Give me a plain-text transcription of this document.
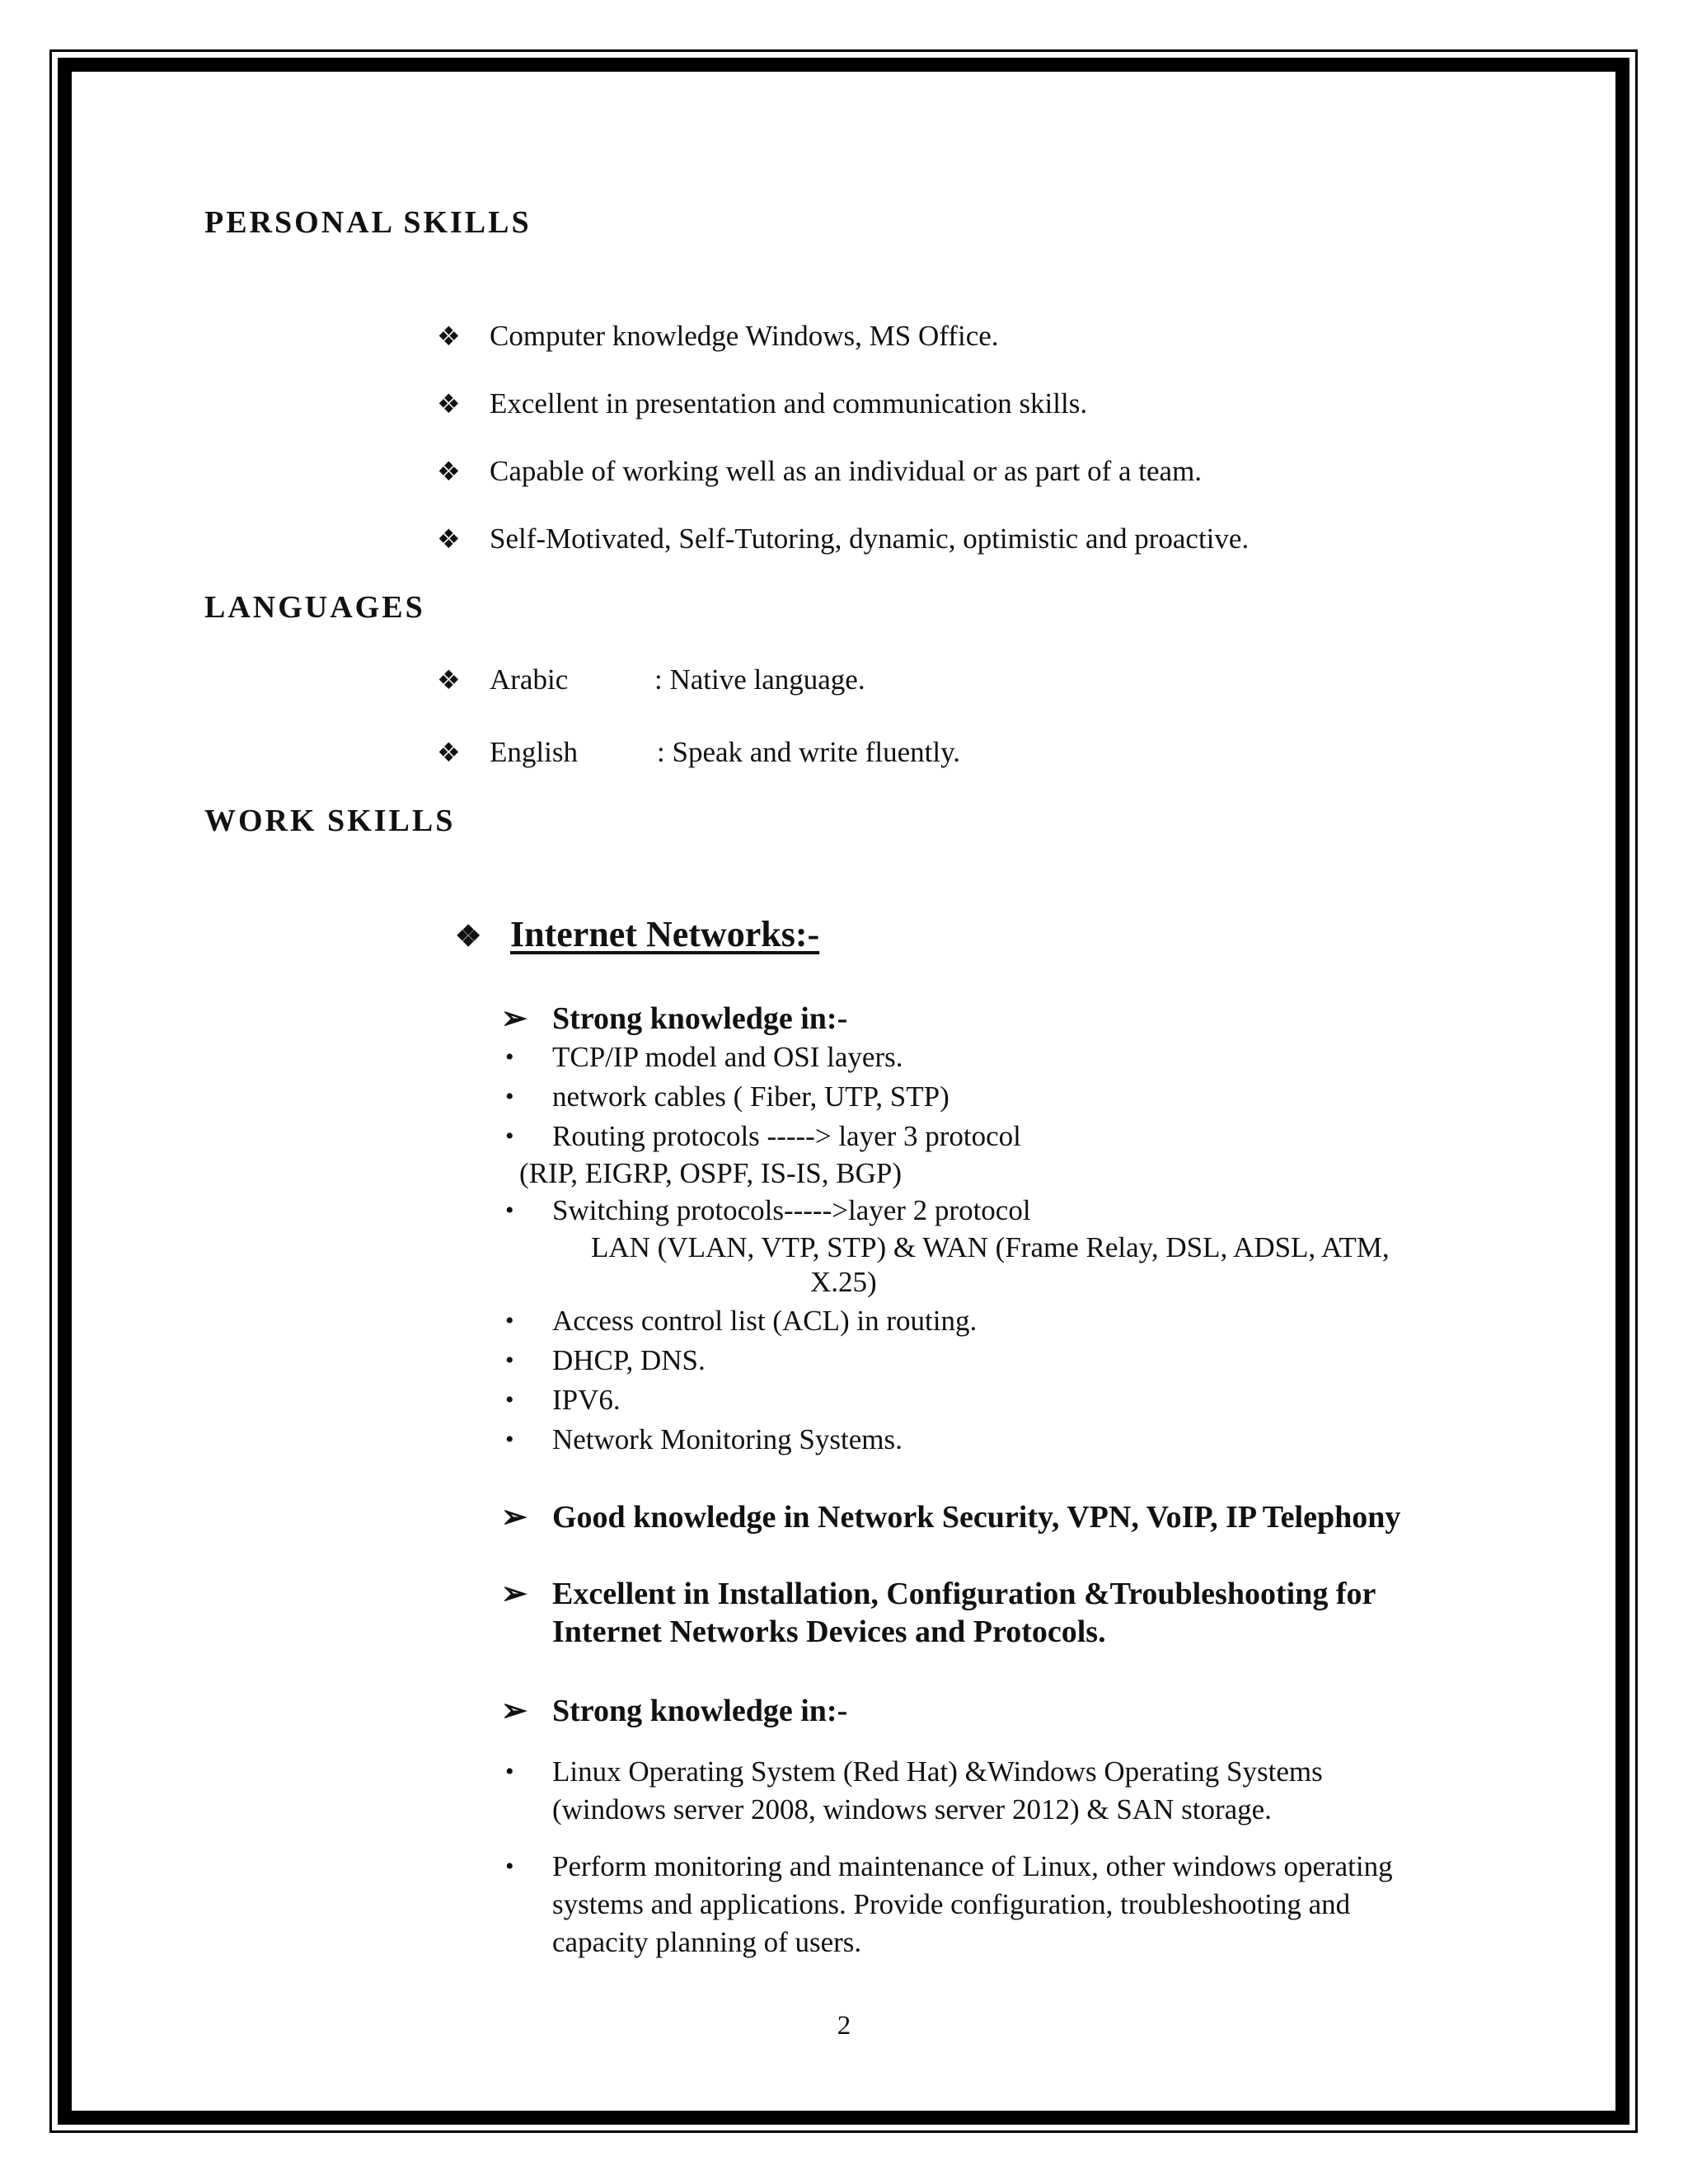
PERSONAL SKILLS
❖	Computer knowledge Windows, MS Office.
❖	Excellent in presentation and communication skills.
❖	Capable of working well as an individual or as part of a team.
❖	Self-Motivated, Self-Tutoring, dynamic, optimistic and proactive.
LANGUAGES
❖	Arabic	: Native language.
❖	English	: Speak and write fluently.
WORK SKILLS
❖ Internet Networks:-
➢ Strong knowledge in:-
•	TCP/IP model and OSI layers.
•	network cables ( Fiber, UTP, STP)
•	Routing protocols -----> layer 3 protocol
(RIP, EIGRP, OSPF, IS-IS, BGP)
•	Switching protocols----->layer 2 protocol
LAN (VLAN, VTP, STP) & WAN (Frame Relay, DSL, ADSL, ATM,
X.25)
•	Access control list (ACL) in routing.
•	DHCP, DNS.
•	IPV6.
•	Network Monitoring Systems.
➢ Good knowledge in Network Security, VPN, VoIP, IP Telephony
➢ Excellent in Installation, Configuration &Troubleshooting for
Internet Networks Devices and Protocols.
➢ Strong knowledge in:-
•	Linux Operating System (Red Hat) &Windows Operating Systems
(windows server 2008, windows server 2012) & SAN storage.
•	Perform monitoring and maintenance of Linux, other windows operating
systems and applications. Provide configuration, troubleshooting and
capacity planning of users.
2
